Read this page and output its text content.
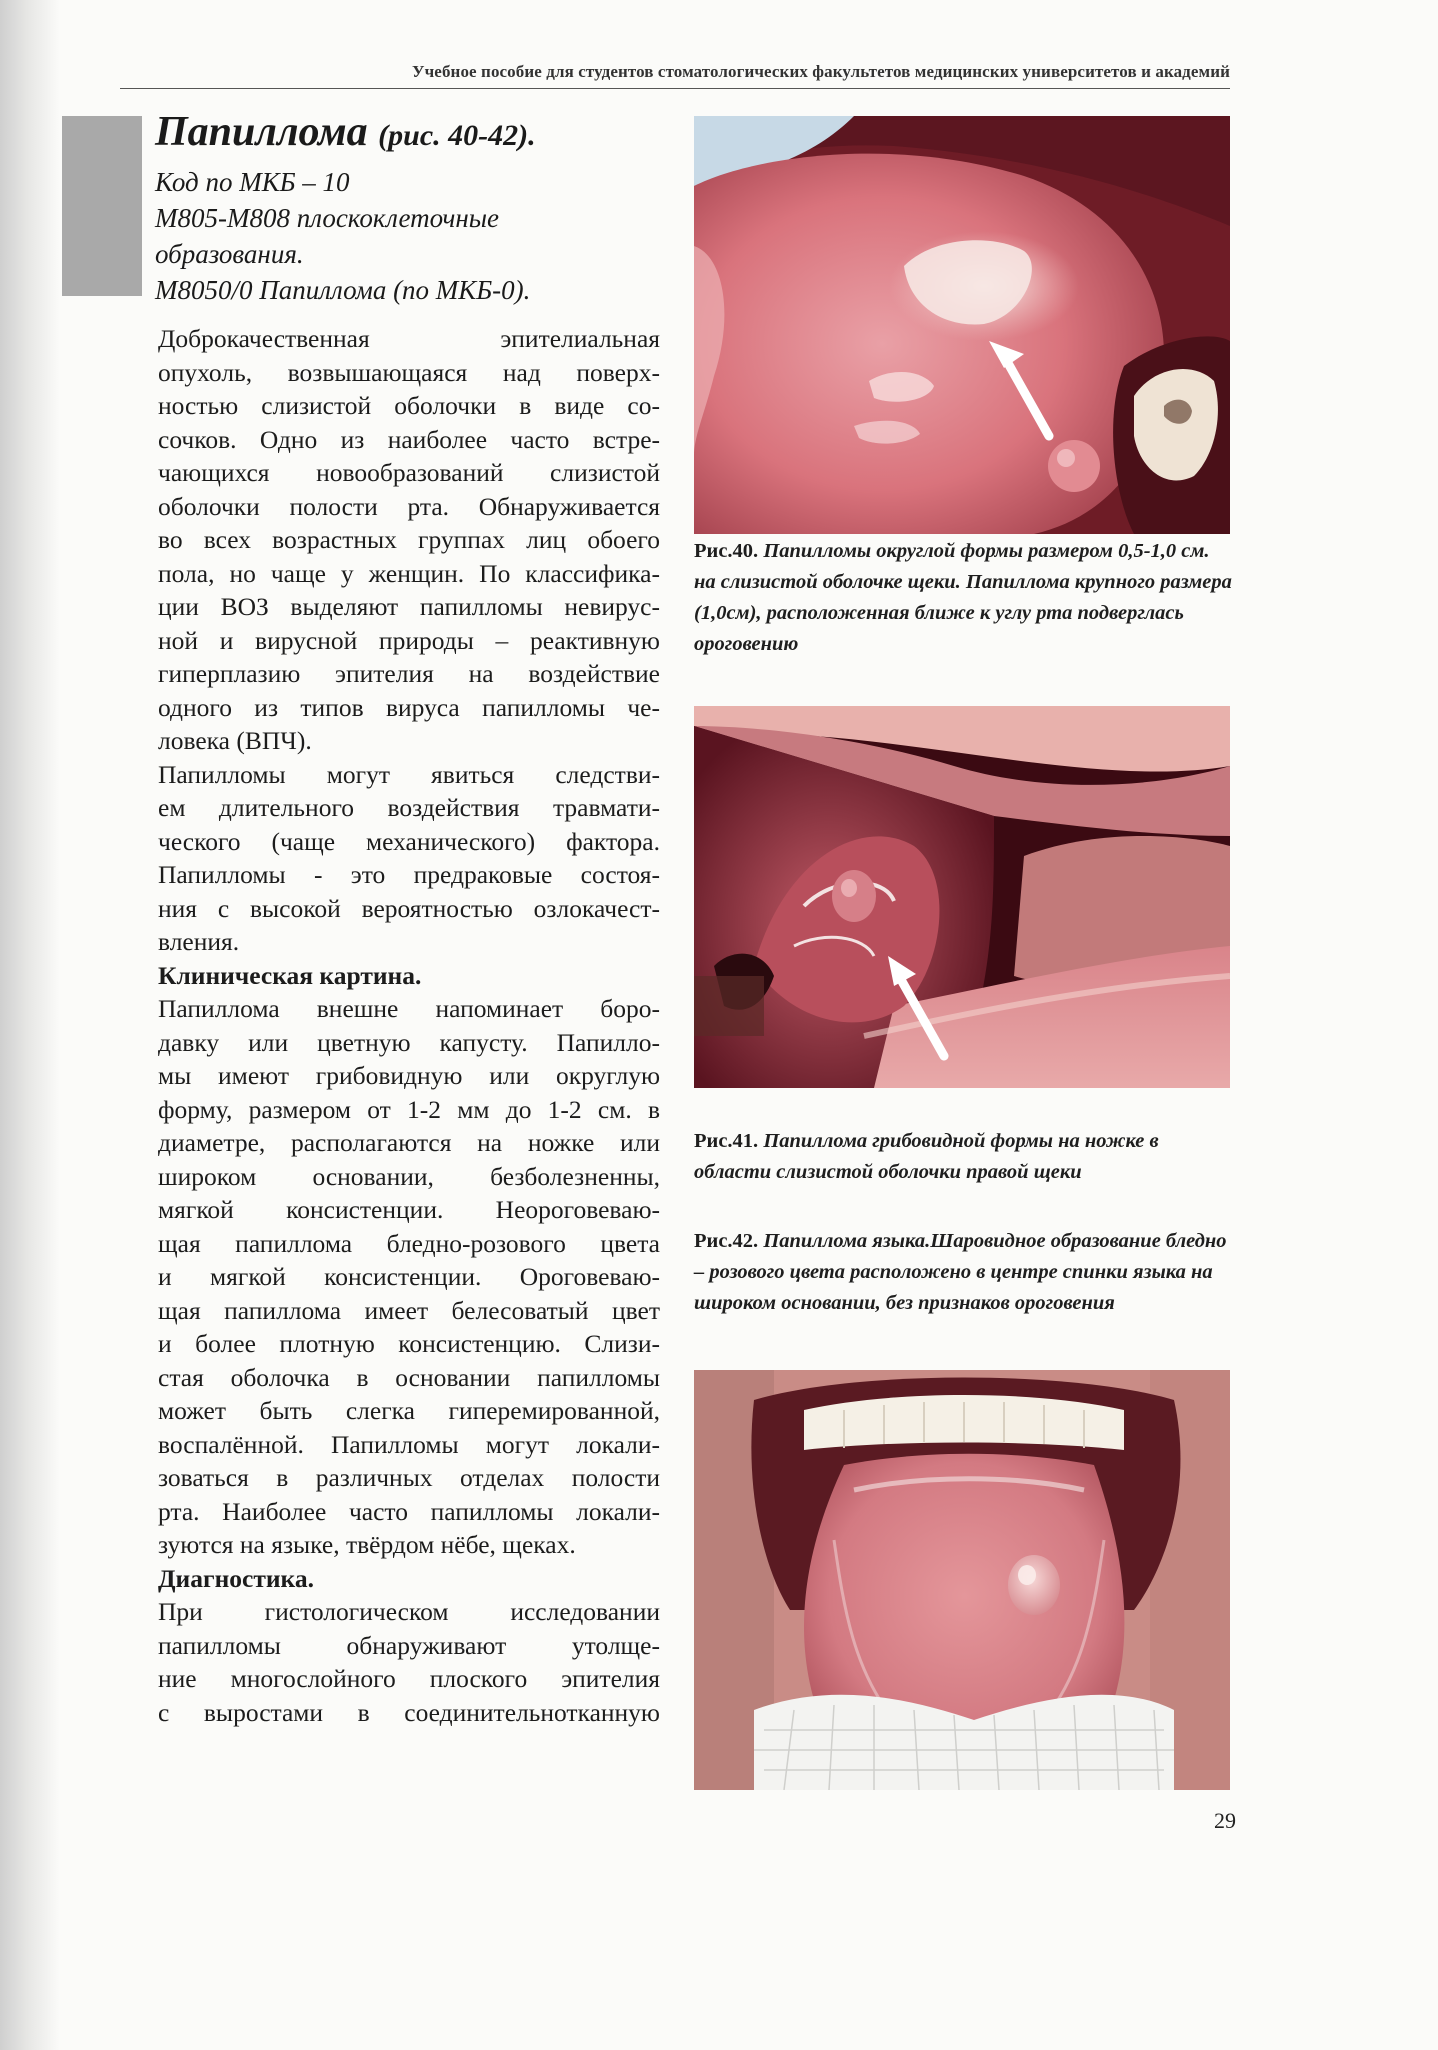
Учебное пособие для студентов стоматологических факультетов медицинских университетов и академий
Папиллома (рис. 40-42).
Код по МКБ – 10
М805-М808 плоскоклеточные
образования.
М8050/0 Папиллома (по МКБ-0).
Доброкачественная эпителиальная
опухоль, возвышающаяся над поверх-
ностью слизистой оболочки в виде со-
сочков. Одно из наиболее часто встре-
чающихся новообразований слизистой
оболочки полости рта. Обнаруживается
во всех возрастных группах лиц обоего
пола, но чаще у женщин. По классифика-
ции ВОЗ выделяют папилломы невирус-
ной и вирусной природы – реактивную
гиперплазию эпителия на воздействие
одного из типов вируса папилломы че-
ловека (ВПЧ).
Папилломы могут явиться следстви-
ем длительного воздействия травмати-
ческого (чаще механического) фактора.
Папилломы - это предраковые состоя-
ния с высокой вероятностью озлокачест-
вления.
Клиническая картина.
Папиллома внешне напоминает боро-
давку или цветную капусту. Папилло-
мы имеют грибовидную или округлую
форму, размером от 1-2 мм до 1-2 см. в
диаметре, располагаются на ножке или
широком основании, безболезненны,
мягкой консистенции. Неороговеваю-
щая папиллома бледно-розового цвета
и мягкой консистенции. Ороговеваю-
щая папиллома имеет белесоватый цвет
и более плотную консистенцию. Слизи-
стая оболочка в основании папилломы
может быть слегка гиперемированной,
воспалённой. Папилломы могут локали-
зоваться в различных отделах полости
рта. Наиболее часто папилломы локали-
зуются на языке, твёрдом нёбе, щеках.
Диагностика.
При гистологическом исследовании
папилломы обнаруживают утолще-
ние многослойного плоского эпителия
с выростами в соединительнотканную
Рис.40. Папилломы округлой формы размером 0,5-1,0 см. на слизистой оболочке щеки. Папиллома крупного размера (1,0см), расположенная ближе к углу рта подверглась ороговению
Рис.41. Папиллома грибовидной формы на ножке в области слизистой оболочки правой щеки
Рис.42. Папиллома языка.Шаровидное образование бледно – розового цвета расположено в центре спинки языка на широком основании, без признаков ороговения
29
